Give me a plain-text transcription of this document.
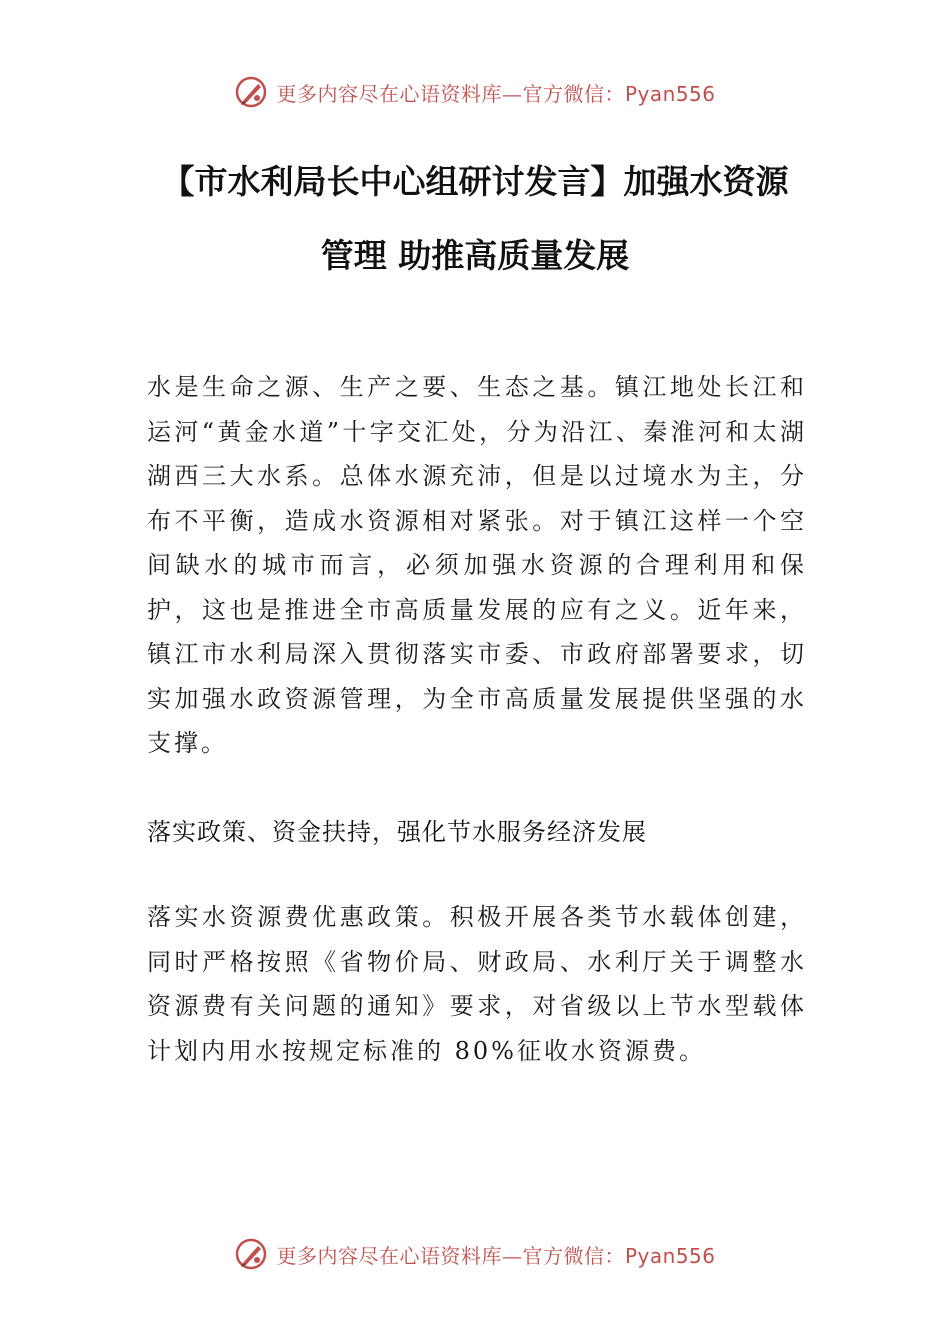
更多内容尽在心语资料库—官方微信：Pyan556
【市水利局长中心组研讨发言】加强水资源
管理 助推高质量发展

水是生命之源、生产之要、生态之基。镇江地处长江和运河“黄金水道”十字交汇处，分为沿江、秦淮河和太湖湖西三大水系。总体水源充沛，但是以过境水为主，分布不平衡，造成水资源相对紧张。对于镇江这样一个空间缺水的城市而言，必须加强水资源的合理利用和保护，这也是推进全市高质量发展的应有之义。近年来，镇江市水利局深入贯彻落实市委、市政府部署要求，切实加强水政资源管理，为全市高质量发展提供坚强的水支撑。

落实政策、资金扶持，强化节水服务经济发展

落实水资源费优惠政策。积极开展各类节水载体创建，同时严格按照《省物价局、财政局、水利厅关于调整水资源费有关问题的通知》要求，对省级以上节水型载体计划内用水按规定标准的 80%征收水资源费。

更多内容尽在心语资料库—官方微信：Pyan556
